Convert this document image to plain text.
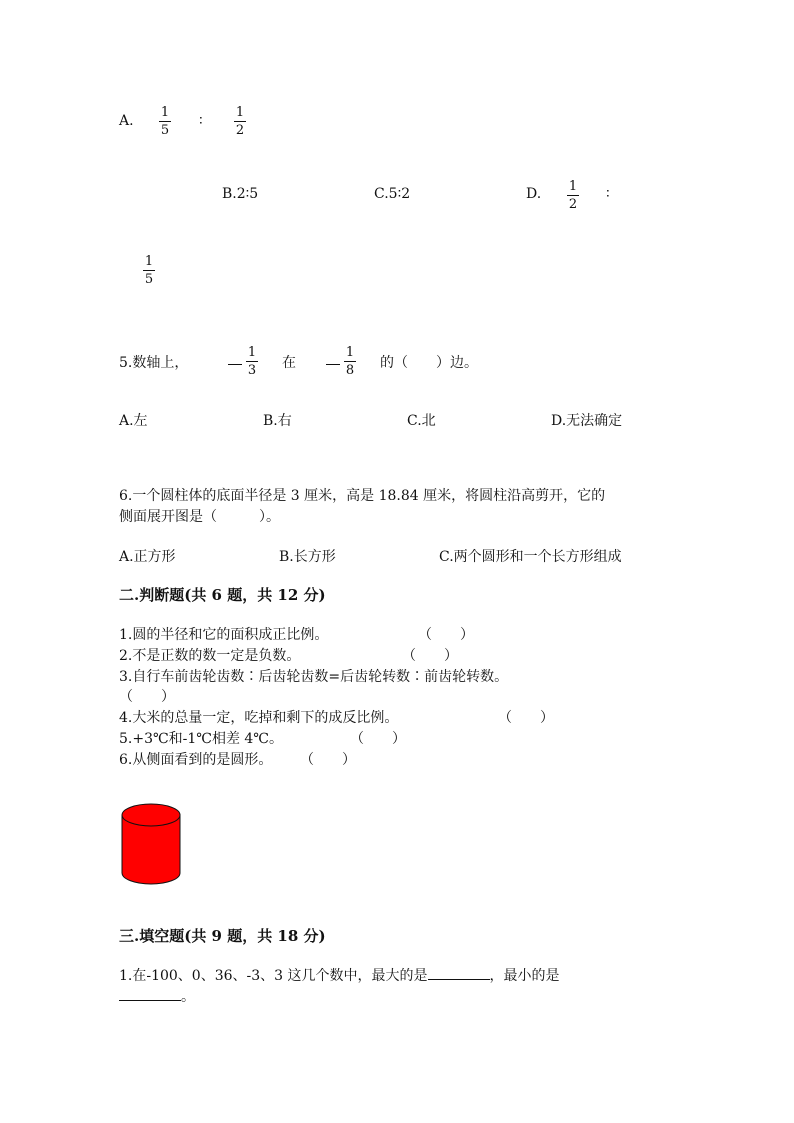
A.
1
5
∶
1
2
B.2∶5	C.5∶2	D. 1
2
∶
1
5
5.数轴上，
1
3 在
1
8 的（　　）边。
A.左	B.右	C.北	D.无法确定
6.一个圆柱体的底面半径是 3 厘米，高是 18.84 厘米，将圆柱沿高剪开，它的
侧面展开图是（　　　）。
A.正方形	B.长方形	C.两个圆形和一个长方形组成
二.判断题(共 6 题，共 12 分)
1.圆的半径和它的面积成正比例。	（　　）
2.不是正数的数一定是负数。	（　　）
3.自行车前齿轮齿数∶后齿轮齿数=后齿轮转数∶前齿轮转数。
（　　）
4.大米的总量一定，吃掉和剩下的成反比例。	（　　）
5.+3℃和-1℃相差 4℃。	（　　）
6.从侧面看到的是圆形。 （　　）
三.填空题(共 9 题，共 18 分)
1.在-100、0、36、-3、3 这几个数中，最大的是	，最小的是
。
